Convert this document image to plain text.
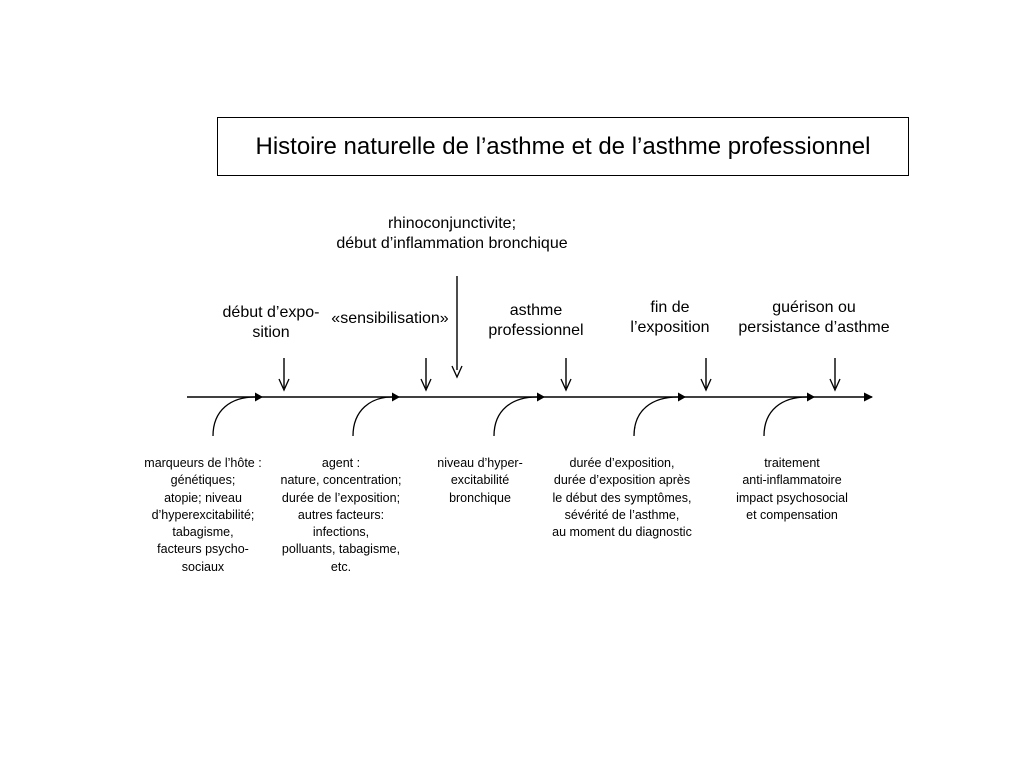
Histoire naturelle de l’asthme et de l’asthme professionnel
rhinoconjunctivite;
début d’inflammation bronchique
début d’expo-
sition
«sensibilisation»	asthme
professionnel
fin de
l’exposition
guérison ou
persistance d’asthme
marqueurs de l’hôte :
génétiques;
atopie; niveau
d’hyperexcitabilité;
tabagisme,
facteurs psycho-
sociaux
agent :
nature, concentration;
durée de l’exposition;
autres facteurs:
infections,
polluants, tabagisme,
etc.
niveau d’hyper-
excitabilité
bronchique
durée d’exposition,
durée d’exposition après
le début des symptômes,
sévérité de l’asthme,
au moment du diagnostic
traitement
anti-inflammatoire
impact psychosocial
et compensation
